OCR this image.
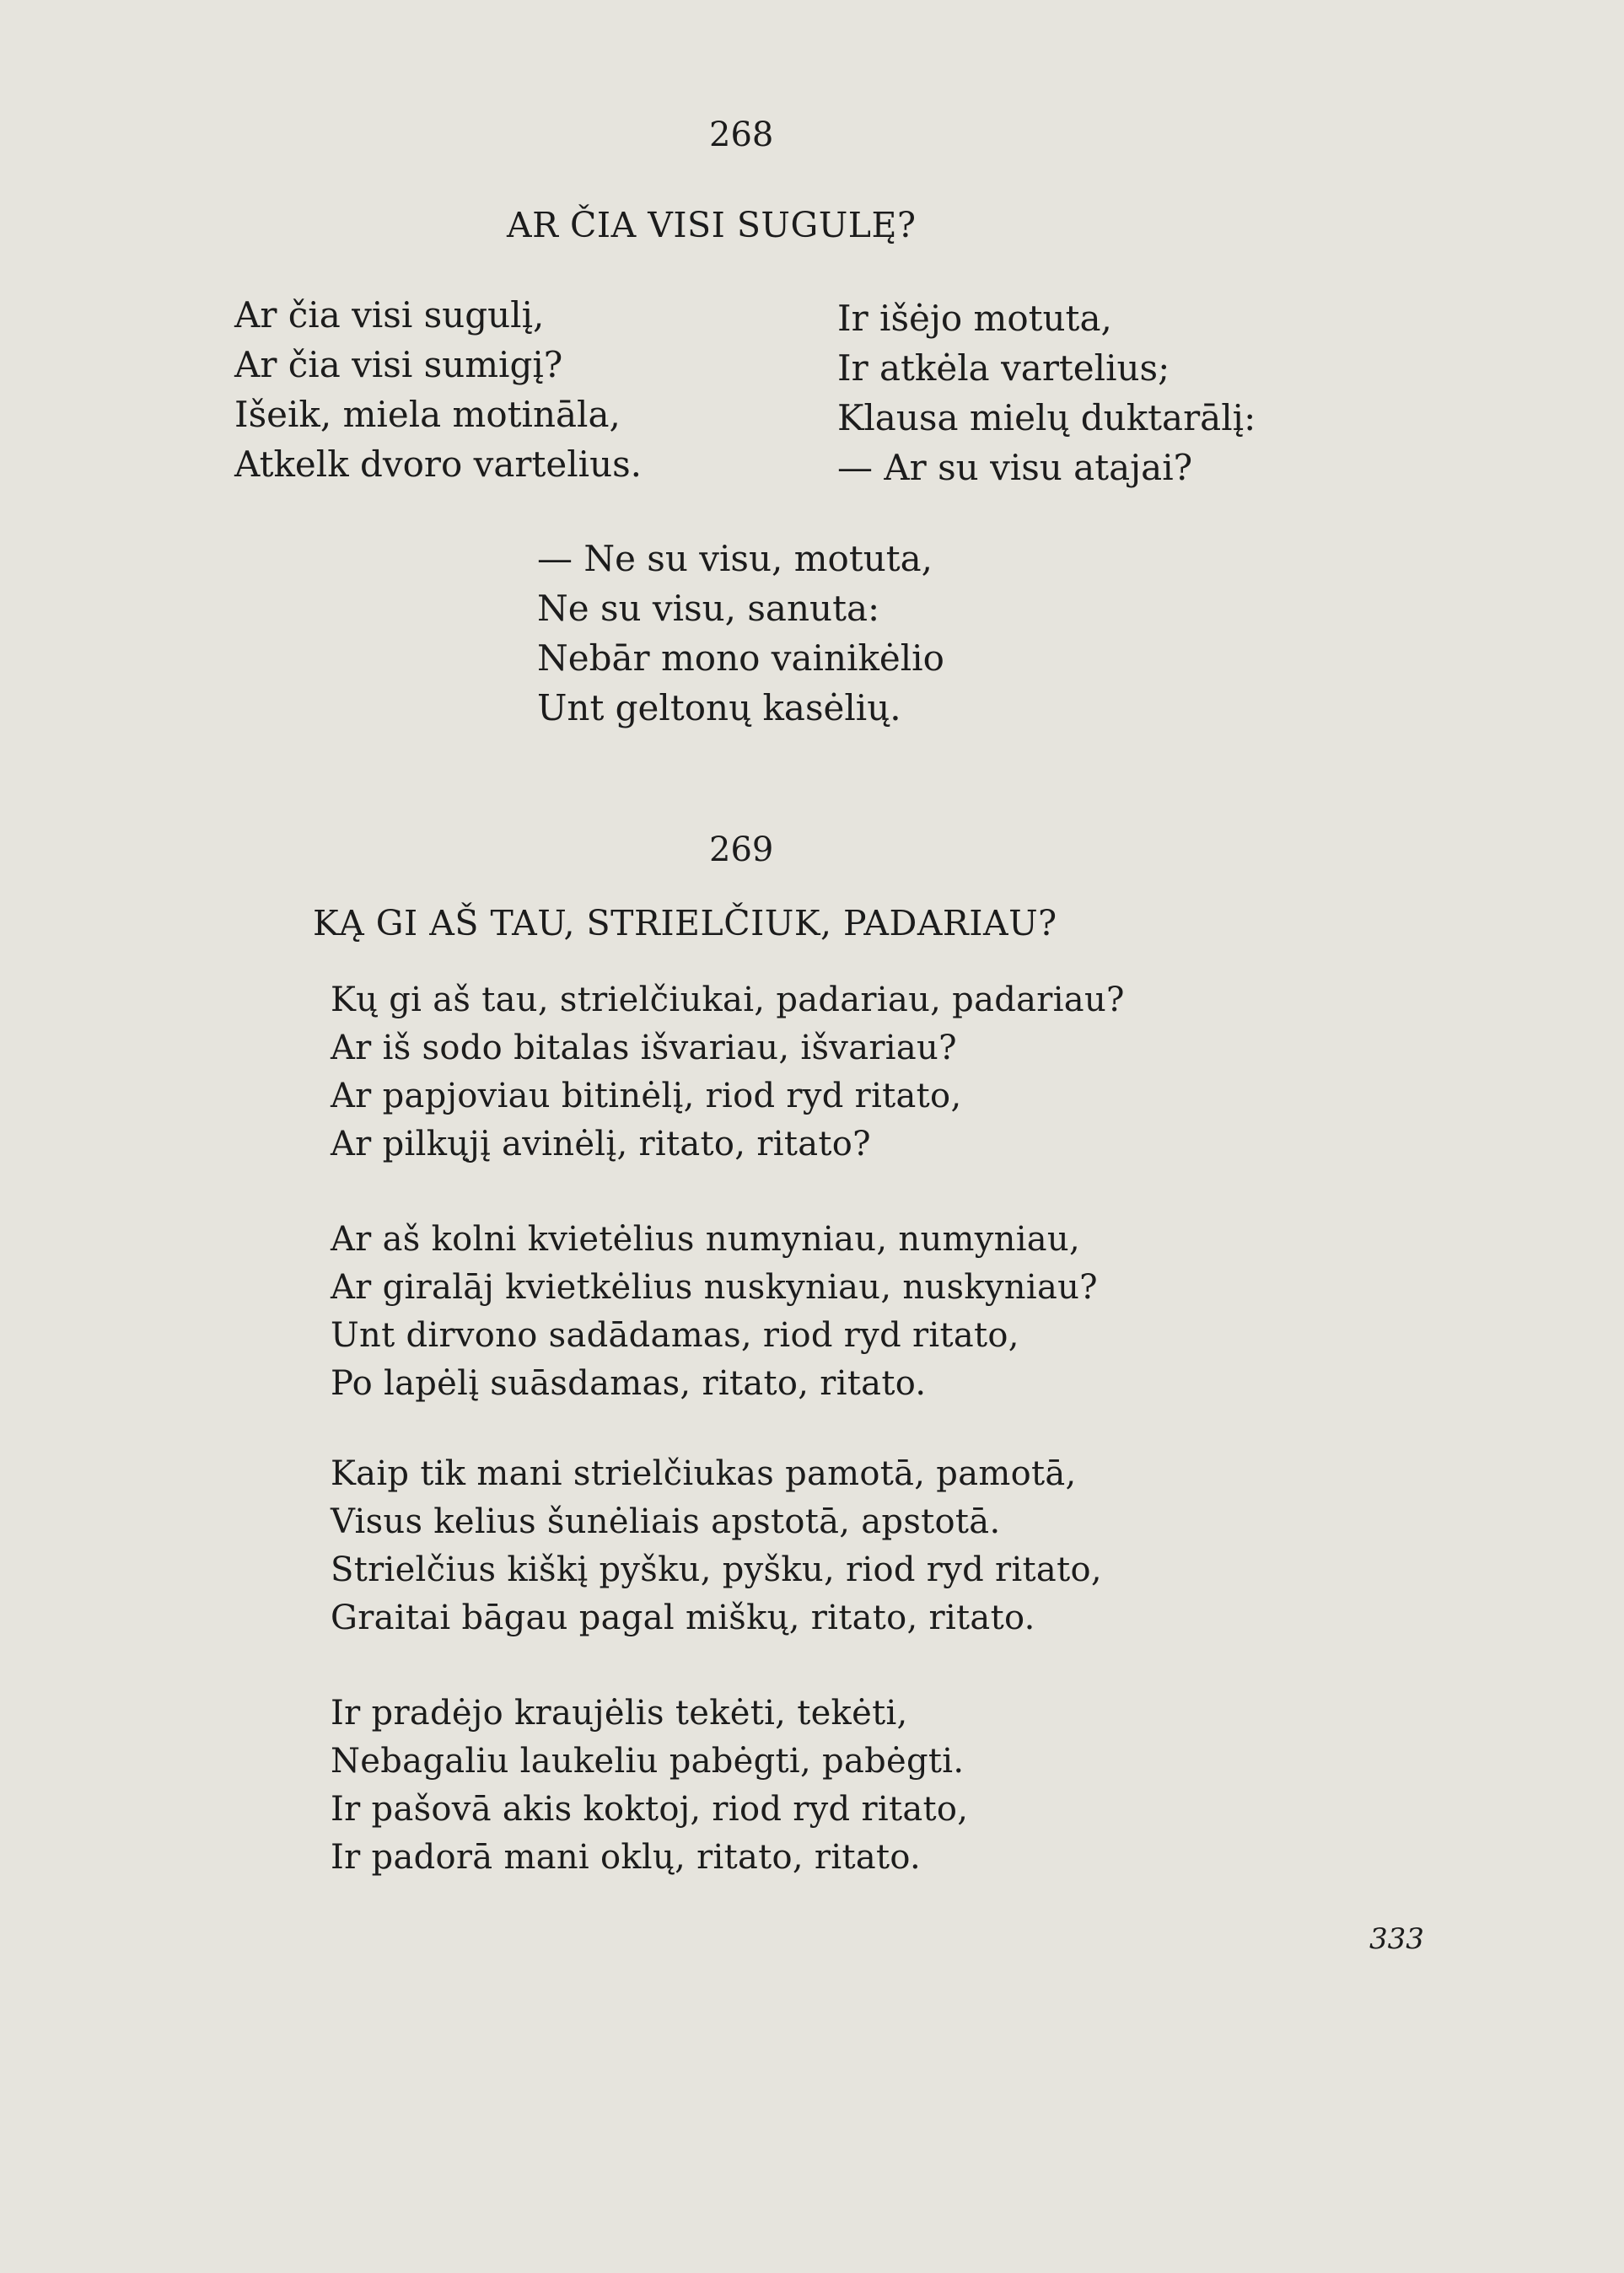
268
AR ČIA VISI SUGULĘ?
Ar čia visi sugulį,
Ar čia visi sumigį?
Išeik, miela motināla,
Atkelk dvoro vartelius.
Ir išėjo motuta,
Ir atkėla vartelius;
Klausa mielų duktarālį:
— Ar su visu atajai?
— Ne su visu, motuta,
Ne su visu, sanuta:
Nebār mono vainikėlio
Unt geltonų kasėlių.
269
KĄ GI AŠ TAU, STRIELČIUK, PADARIAU?
Kų gi aš tau, strielčiukai, padariau, padariau?
Ar iš sodo bitalas išvariau, išvariau?
Ar papjoviau bitinėlį, riod ryd ritato,
Ar pilkųjį avinėlį, ritato, ritato?
Ar aš kolni kvietėlius numyniau, numyniau,
Ar giralāj kvietkėlius nuskyniau, nuskyniau?
Unt dirvono sadādamas, riod ryd ritato,
Po lapėlį suāsdamas, ritato, ritato.
Kaip tik mani strielčiukas pamotā, pamotā,
Visus kelius šunėliais apstotā, apstotā.
Strielčius kiškį pyšku, pyšku, riod ryd ritato,
Graitai bāgau pagal miškų, ritato, ritato.
Ir pradėjo kraujėlis tekėti, tekėti,
Nebagaliu laukeliu pabėgti, pabėgti.
Ir pašovā akis koktoj, riod ryd ritato,
Ir padorā mani oklų, ritato, ritato.
333
